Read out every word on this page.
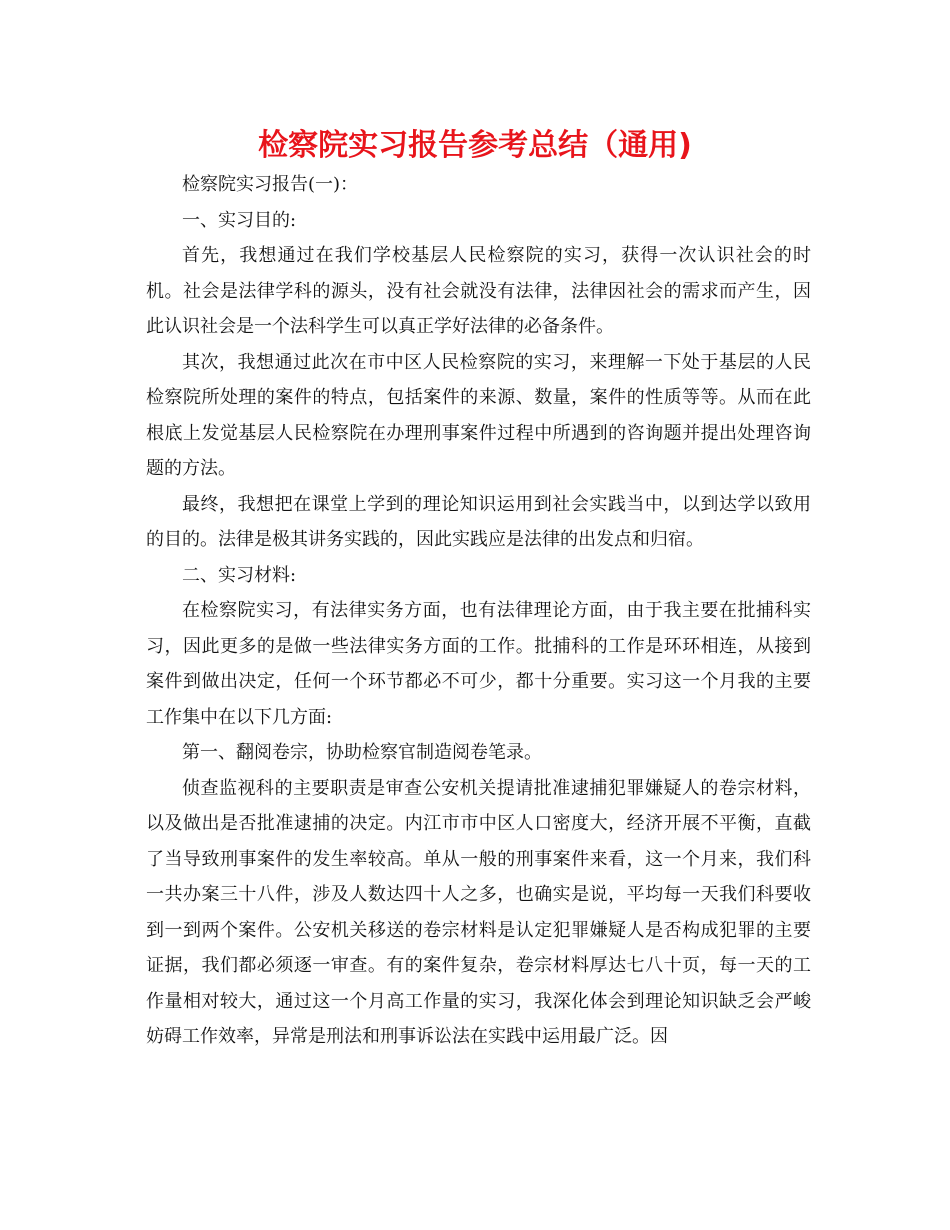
检察院实习报告参考总结（通用)

检察院实习报告(一)：

一、实习目的:

首先，我想通过在我们学校基层人民检察院的实习，获得一次认识社会的时机。社会是法律学科的源头，没有社会就没有法律，法律因社会的需求而产生，因此认识社会是一个法科学生可以真正学好法律的必备条件。

其次，我想通过此次在市中区人民检察院的实习，来理解一下处于基层的人民检察院所处理的案件的特点，包括案件的来源、数量，案件的性质等等。从而在此根底上发觉基层人民检察院在办理刑事案件过程中所遇到的咨询题并提出处理咨询题的方法。

最终，我想把在课堂上学到的理论知识运用到社会实践当中，以到达学以致用的目的。法律是极其讲务实践的，因此实践应是法律的出发点和归宿。

二、实习材料:

在检察院实习，有法律实务方面，也有法律理论方面，由于我主要在批捕科实习，因此更多的是做一些法律实务方面的工作。批捕科的工作是环环相连，从接到案件到做出决定，任何一个环节都必不可少，都十分重要。实习这一个月我的主要工作集中在以下几方面:

第一、翻阅卷宗，协助检察官制造阅卷笔录。

侦查监视科的主要职责是审查公安机关提请批准逮捕犯罪嫌疑人的卷宗材料，以及做出是否批准逮捕的决定。内江市市中区人口密度大，经济开展不平衡，直截了当导致刑事案件的发生率较高。单从一般的刑事案件来看，这一个月来，我们科一共办案三十八件，涉及人数达四十人之多，也确实是说，平均每一天我们科要收到一到两个案件。公安机关移送的卷宗材料是认定犯罪嫌疑人是否构成犯罪的主要证据，我们都必须逐一审查。有的案件复杂，卷宗材料厚达七八十页，每一天的工作量相对较大，通过这一个月高工作量的实习，我深化体会到理论知识缺乏会严峻妨碍工作效率，异常是刑法和刑事诉讼法在实践中运用最广泛。因
